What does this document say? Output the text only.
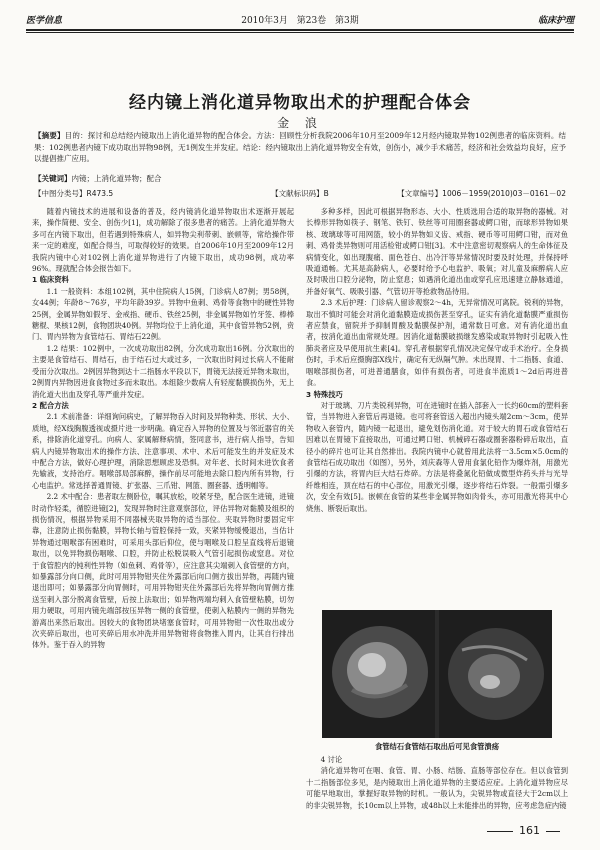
医学信息	2010年3月 第23卷 第3期	临床护理
经内镜上消化道异物取出术的护理配合体会
金 浪
【摘要】目的：探讨和总结经内镜取出上消化道异物的配合体会。方法：回顾性分析我院2006年10月至2009年12月经内镜取异物102例患者的临床资料。结果：102例患者内镜下成功取出异物98例，无1例发生并发症。结论：经内镜取出上消化道异物安全有效，创伤小，减少手术痛苦，经济和社会效益均良好，应予以提倡推广应用。
【关键词】内镜；上消化道异物；配合
【中图分类号】R473.5	【文献标识码】B	【文章编号】1006－1959(2010)03－0161－02

随着内镜技术的进展和设备的普及，经内镜消化道异物取出术逐渐开展起来，操作简便、安全、创伤少[1]，成功解除了很多患者的痛苦。上消化道异物大多可在内镜下取出，但若遇到特殊病人，如异物尖利带刺、嵌顿等，常给操作带来一定的难度，如配合得当，可取得较好的效果。自2006年10月至2009年12月我院内镜中心对102例上消化道异物进行了内镜下取出，成功98例，成功率96%。现就配合体会报告如下。

1 临床资料

1.1 一般资料：本组102例，其中住院病人15例，门诊病人87例；男58例，女44例；年龄8～76岁，平均年龄39岁。异物中鱼刺、鸡骨等食物中的硬性异物25例，金属异物如假牙、金戒指、硬币、铁丝25例，非金属异物如竹牙签、棒棒糖棍、果核12例，食物团块40例。异物均位于上消化道，其中食管异物52例，贲门、胃内异物为食管结石、胃结石22例。

1.2 结果：102例中，一次成功取出82例，分次成功取出16例。分次取出的主要是食管结石、胃结石，由于结石过大或过多，一次取出时间过长病人不能耐受而分次取出。2例因异物到达十二指肠水平段以下，胃镜无法接近异物未取出，2例胃内异物因进食食物过多而未取出。本组除少数病人有轻度黏膜损伤外，无上消化道大出血及穿孔等严重并发症。

2 配合方法

2.1 术前准备：详细询问病史，了解异物吞入时间及异物种类、形状、大小、质地，经X线胸腹透视或摄片进一步明确。确定吞入异物的位置及与邻近器官的关系，排除消化道穿孔。向病人、家属解释病情，签同意书，进行病人指导，告知病人内镜异物取出术的操作方法、注意事项、术中、术后可能发生的并发症及术中配合方法，做好心理护理，消除思想顾虑及恐惧。对年老、长时间未进饮食者先输液，支持治疗。咽喉部局部麻醉，操作前尽可能地去除口腔内所有异物，行心电监护。常选择普通胃镜、扩张器、三爪钳、网篮、圈套器、透明帽等。

2.2 术中配合：患者取左侧卧位，嘱其放松，咬紧牙垫，配合医生进镜，进镜时动作轻柔，循腔进镜[2]，发现异物时注意观察部位，评估异物对黏膜及组织的损伤情况，根据异物采用不同器械夹取异物的适当部位。夹取异物时要固定牢靠，注意防止损伤黏膜，异物长轴与管腔保持一致，夹紧异物缓慢退出，当估计异物通过咽喉部有困难时，可采用头部后仰位，使与咽喉及口腔呈直线将后退镜取出，以免异物损伤咽喉、口腔，并防止松脱误吸入气管引起损伤或窒息。对位于食管腔内的钝利性异物（如鱼刺、鸡骨等），应注意其尖端刺入食管壁的方向，如暴露部分向口侧，此时可用异物钳夹住外露部后向口侧方拔出异物，再随内镜退出即可；如暴露部分向胃侧时，可用异物钳夹住外露部后先将异物向胃侧方推送至刺入部分脱离食管壁，后按上法取出；如异物两端均刺入食管壁粘膜，切勿用力硬取，可用内镜先端部按压异物一侧的食管壁，使刺入粘膜内一侧的异物先游离出来然后取出。因较大的食物团块堵塞食管时，可用异物钳一次性取出或分次夹碎后取出，也可夹碎后用水冲洗并用异物钳将食物推入胃内，让其自行排出体外。鉴于吞入的异物

多种多样，因此可根据异物形态、大小、性质选用合适的取异物的器械。对长棒形异物如筷子、钢笔、铁钉、铁丝等可用圈套器或鳄口钳，而球形异物如果核、玻璃球等可用网篮，较小的异物如义齿、戒指、硬币等可用鳄口钳，而对鱼刺、鸡骨类异物则可用活检钳或鳄口钳[3]。术中注意密切观察病人的生命体征及病情变化，如出现腹痛、面色苍白、出冷汗等异常情况时要及时处理，并保持呼吸道通畅。尤其是高龄病人，必要时给予心电监护、吸氧；对儿童及麻醉病人应及时吸出口腔分泌物，防止窒息；如遇消化道出血或穿孔应迅速建立静脉通道，并备好氧气、吸吸引器、气管切开等抢救物品待用。

2.3 术后护理：门诊病人留诊观察2～4h，无异常情况可离院。锐利的异物，取出不慎时可能会对消化道黏膜造成损伤甚至穿孔，证实有消化道黏膜严重损伤者应禁食，留院并予抑制胃酸及黏膜保护剂，通常数日可愈。对有消化道出血者，按消化道出血常规处理。因消化道黏膜破损继发感染或取异物时引起吸入性肺炎者应及早使用抗生素[4]。穿孔者根据穿孔情况决定保守或手术治疗。全身损伤时，手术后应摄胸部X线片，确定有无纵隔气肿。未出现胃、十二指肠、食道、咽喉部损伤者，可进普通膳食，如伴有损伤者，可进食半流质1～2d后再进普食。

3 特殊技巧

对于玻璃、刀片类锐利异物，可在进镜时在插入部套入一长约60cm的塑料套管，当异物进入套管后再退镜。也可将套管送入超出内镜头端2cm～3cm，使异物收入套管内，随内镜一起退出，避免划伤消化道。对于较大的胃石或食管结石因难以在胃镜下直接取出，可通过鳄口钳、机械碎石器或圈套器粉碎后取出，直径小的碎片也可让其自然排出。我院内镜中心就曾用此法将一3.5cm×5.0cm的食管结石成功取出（如图），另外，刘庆森等人曾用食氯化铅作为爆炸剂，用激光引爆的方法，将胃内巨大结石炸碎。方法是将叠氮化铅做成微型炸药头并与光导纤维相连，顶在结石的中心部位，用激光引爆，逐步将结石炸裂。一般需引爆多次，安全有效[5]。嵌顿在食管的某些非金属异物如肉骨头，亦可用激光将其中心烧焦、断裂后取出。

食管结石食管结石取出后可见食管溃疡

4 讨论

消化道异物可在咽、食管、胃、小肠、结肠、直肠等部位存在。但以食管到十二指肠部位多见，是内镜取出上消化道异物的主要适应症。上消化道异物应尽可能早地取出，掌握好取异物的时机。一般认为，尖锐异物或直径大于2cm以上的非尖锐异物，长10cm以上异物，或48h以上未能排出的异物，应考虑急症内镜

161
